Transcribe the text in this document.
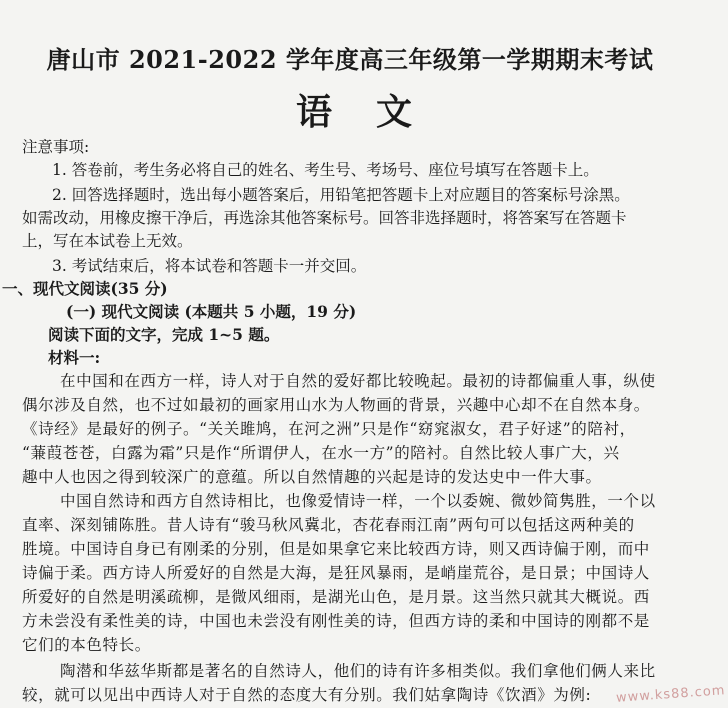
唐山市 2021-2022 学年度高三年级第一学期期末考试
语文
注意事项:
1. 答卷前，考生务必将自己的姓名、考生号、考场号、座位号填写在答题卡上。
2. 回答选择题时，选出每小题答案后，用铅笔把答题卡上对应题目的答案标号涂黑。
如需改动，用橡皮擦干净后，再选涂其他答案标号。回答非选择题时，将答案写在答题卡
上，写在本试卷上无效。
3. 考试结束后，将本试卷和答题卡一并交回。
一、现代文阅读(35 分)
(一) 现代文阅读 (本题共 5 小题，19 分)
阅读下面的文字，完成 1~5 题。
材料一:
在中国和在西方一样，诗人对于自然的爱好都比较晚起。最初的诗都偏重人事，纵使
偶尔涉及自然，也不过如最初的画家用山水为人物画的背景，兴趣中心却不在自然本身。
《诗经》是最好的例子。“关关雎鸠，在河之洲”只是作“窈窕淑女，君子好逑”的陪衬，
“蒹葭苍苍，白露为霜”只是作“所谓伊人，在水一方”的陪衬。自然比较人事广大，兴
趣中人也因之得到较深广的意蕴。所以自然情趣的兴起是诗的发达史中一件大事。
中国自然诗和西方自然诗相比，也像爱情诗一样，一个以委婉、微妙简隽胜，一个以
直率、深刻铺陈胜。昔人诗有“骏马秋风冀北，杏花春雨江南”两句可以包括这两种美的
胜境。中国诗自身已有刚柔的分别，但是如果拿它来比较西方诗，则又西诗偏于刚，而中
诗偏于柔。西方诗人所爱好的自然是大海，是狂风暴雨，是峭崖荒谷，是日景；中国诗人
所爱好的自然是明溪疏柳，是微风细雨，是湖光山色，是月景。这当然只就其大概说。西
方未尝没有柔性美的诗，中国也未尝没有刚性美的诗，但西方诗的柔和中国诗的刚都不是
它们的本色特长。
陶潜和华兹华斯都是著名的自然诗人，他们的诗有许多相类似。我们拿他们俩人来比
较，就可以见出中西诗人对于自然的态度大有分别。我们姑拿陶诗《饮酒》为例:	www.ks88.com
